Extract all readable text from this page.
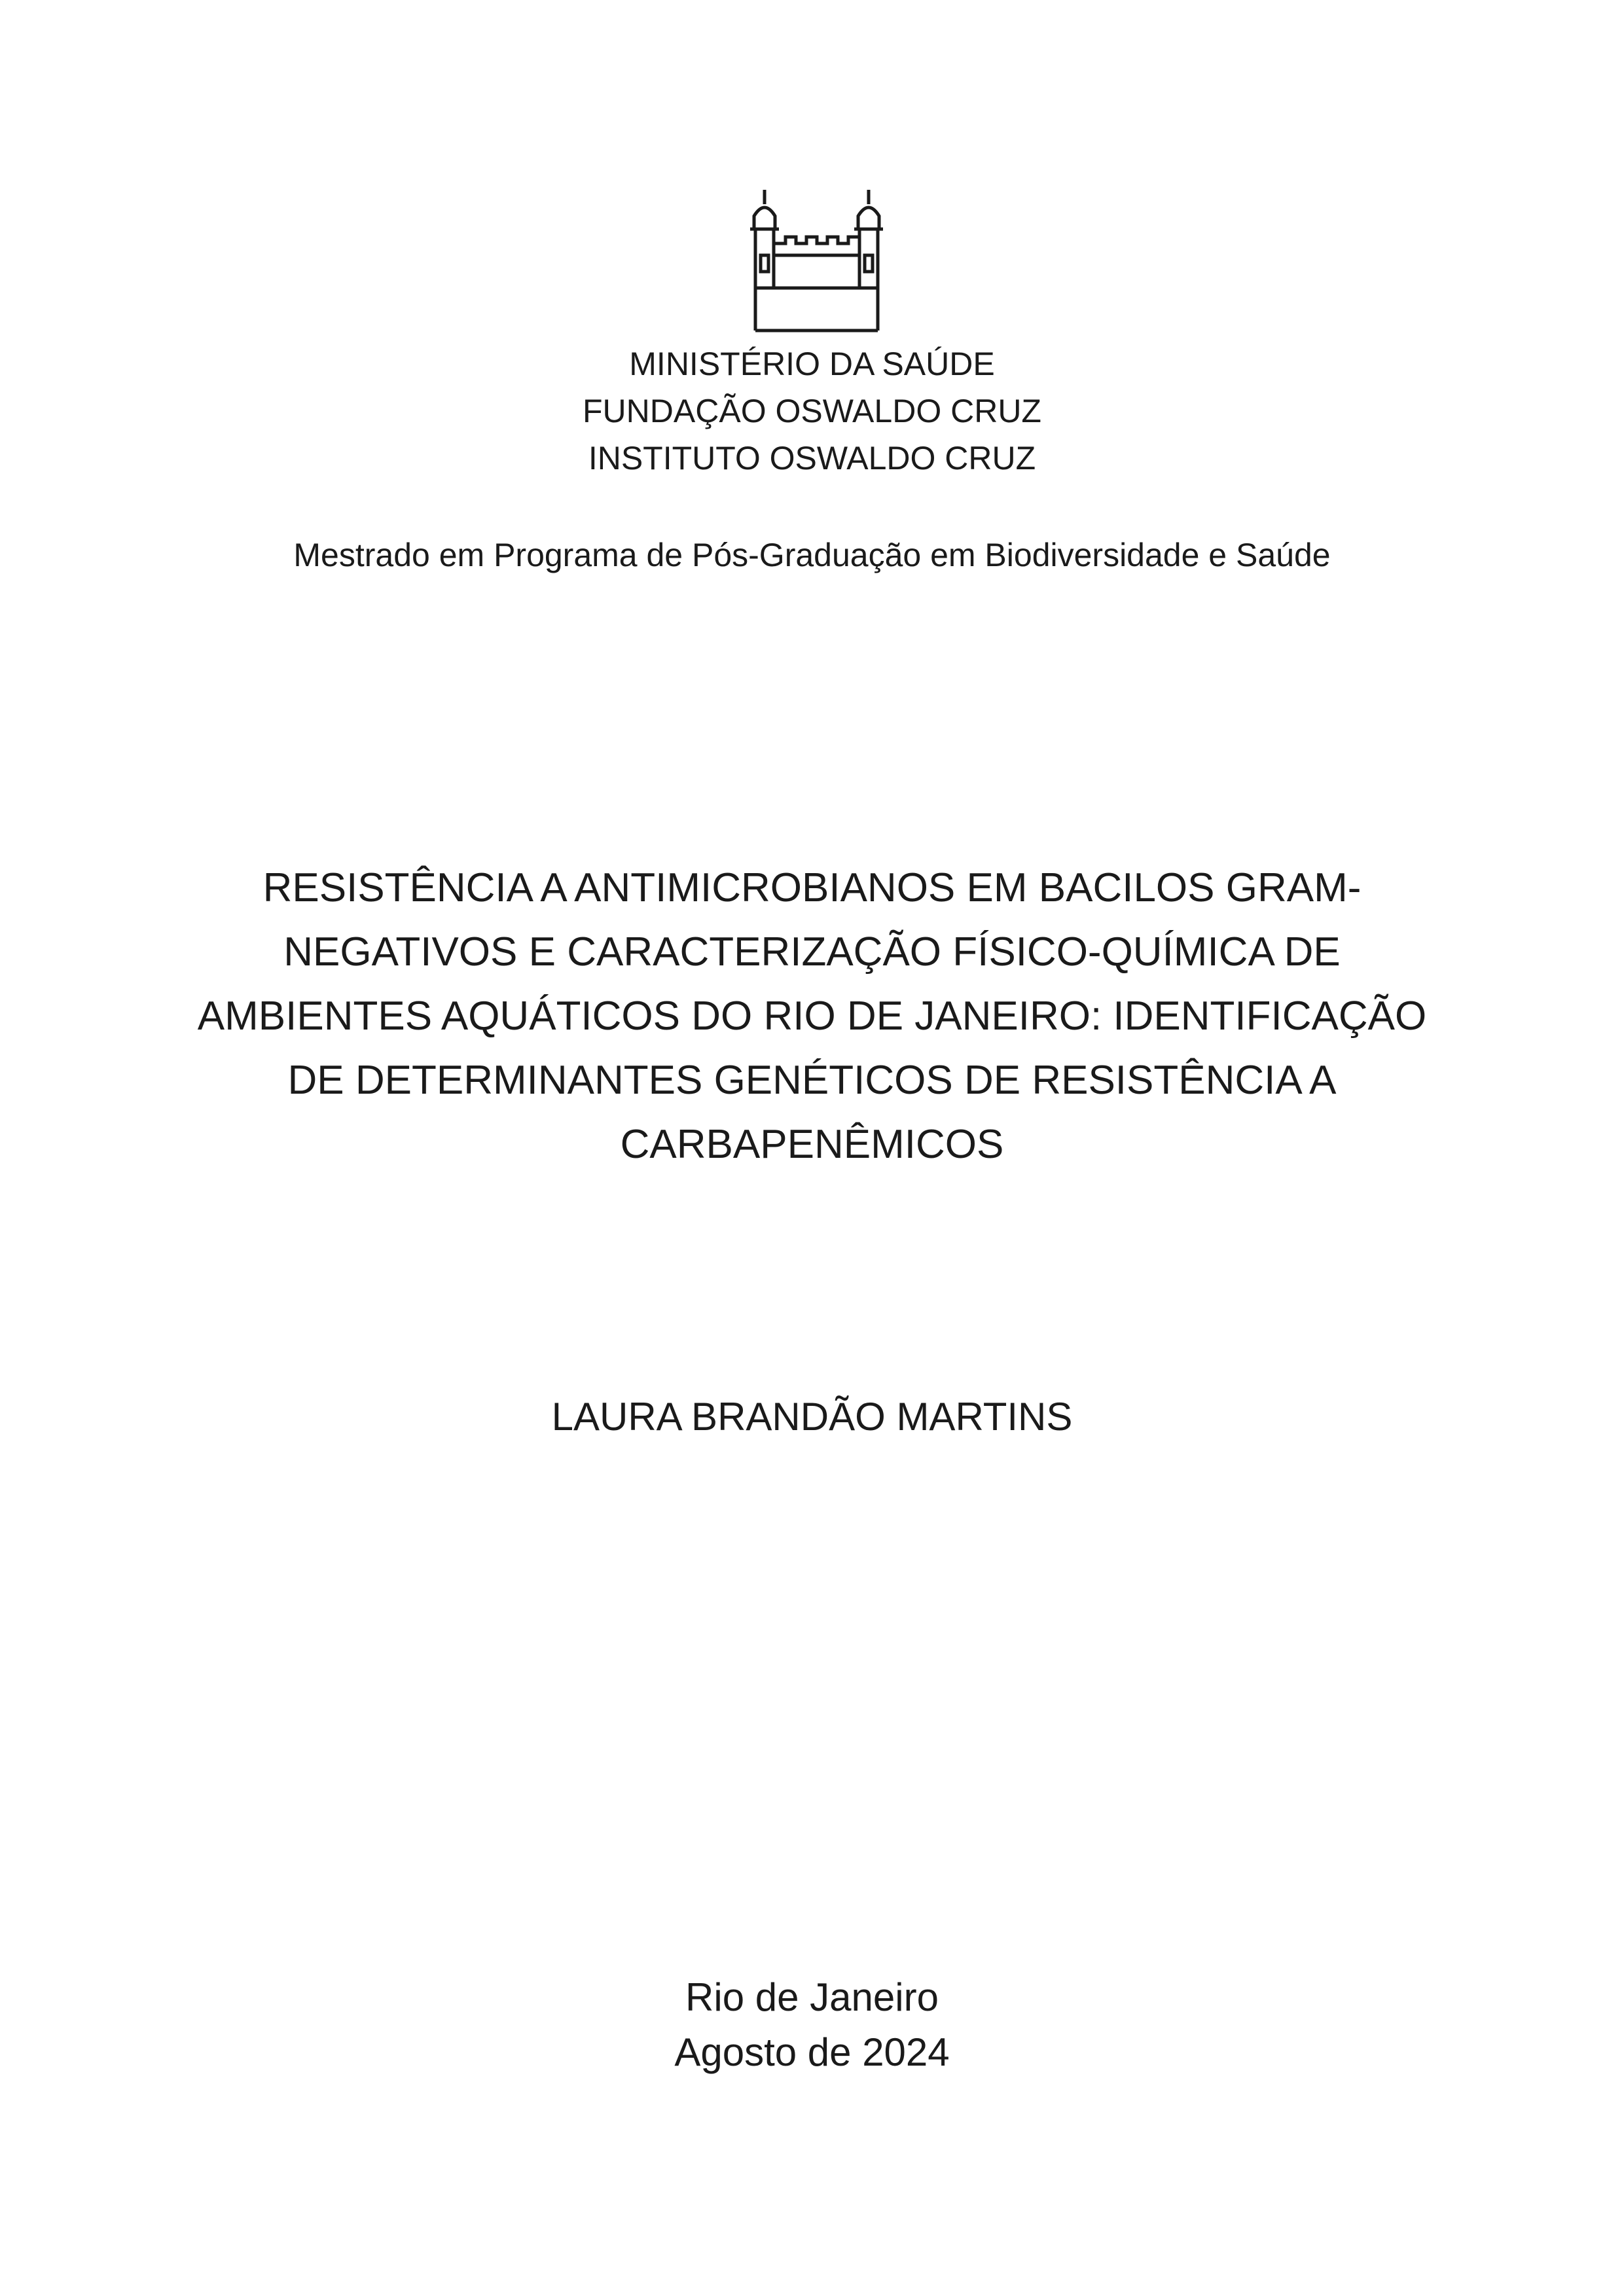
MINISTÉRIO DA SAÚDE
FUNDAÇÃO OSWALDO CRUZ
INSTITUTO OSWALDO CRUZ
Mestrado em Programa de Pós-Graduação em Biodiversidade e Saúde
RESISTÊNCIA A ANTIMICROBIANOS EM BACILOS GRAM-
NEGATIVOS E CARACTERIZAÇÃO FÍSICO-QUÍMICA DE
AMBIENTES AQUÁTICOS DO RIO DE JANEIRO: IDENTIFICAÇÃO
DE DETERMINANTES GENÉTICOS DE RESISTÊNCIA A
CARBAPENÊMICOS
LAURA BRANDÃO MARTINS
Rio de Janeiro
Agosto de 2024
